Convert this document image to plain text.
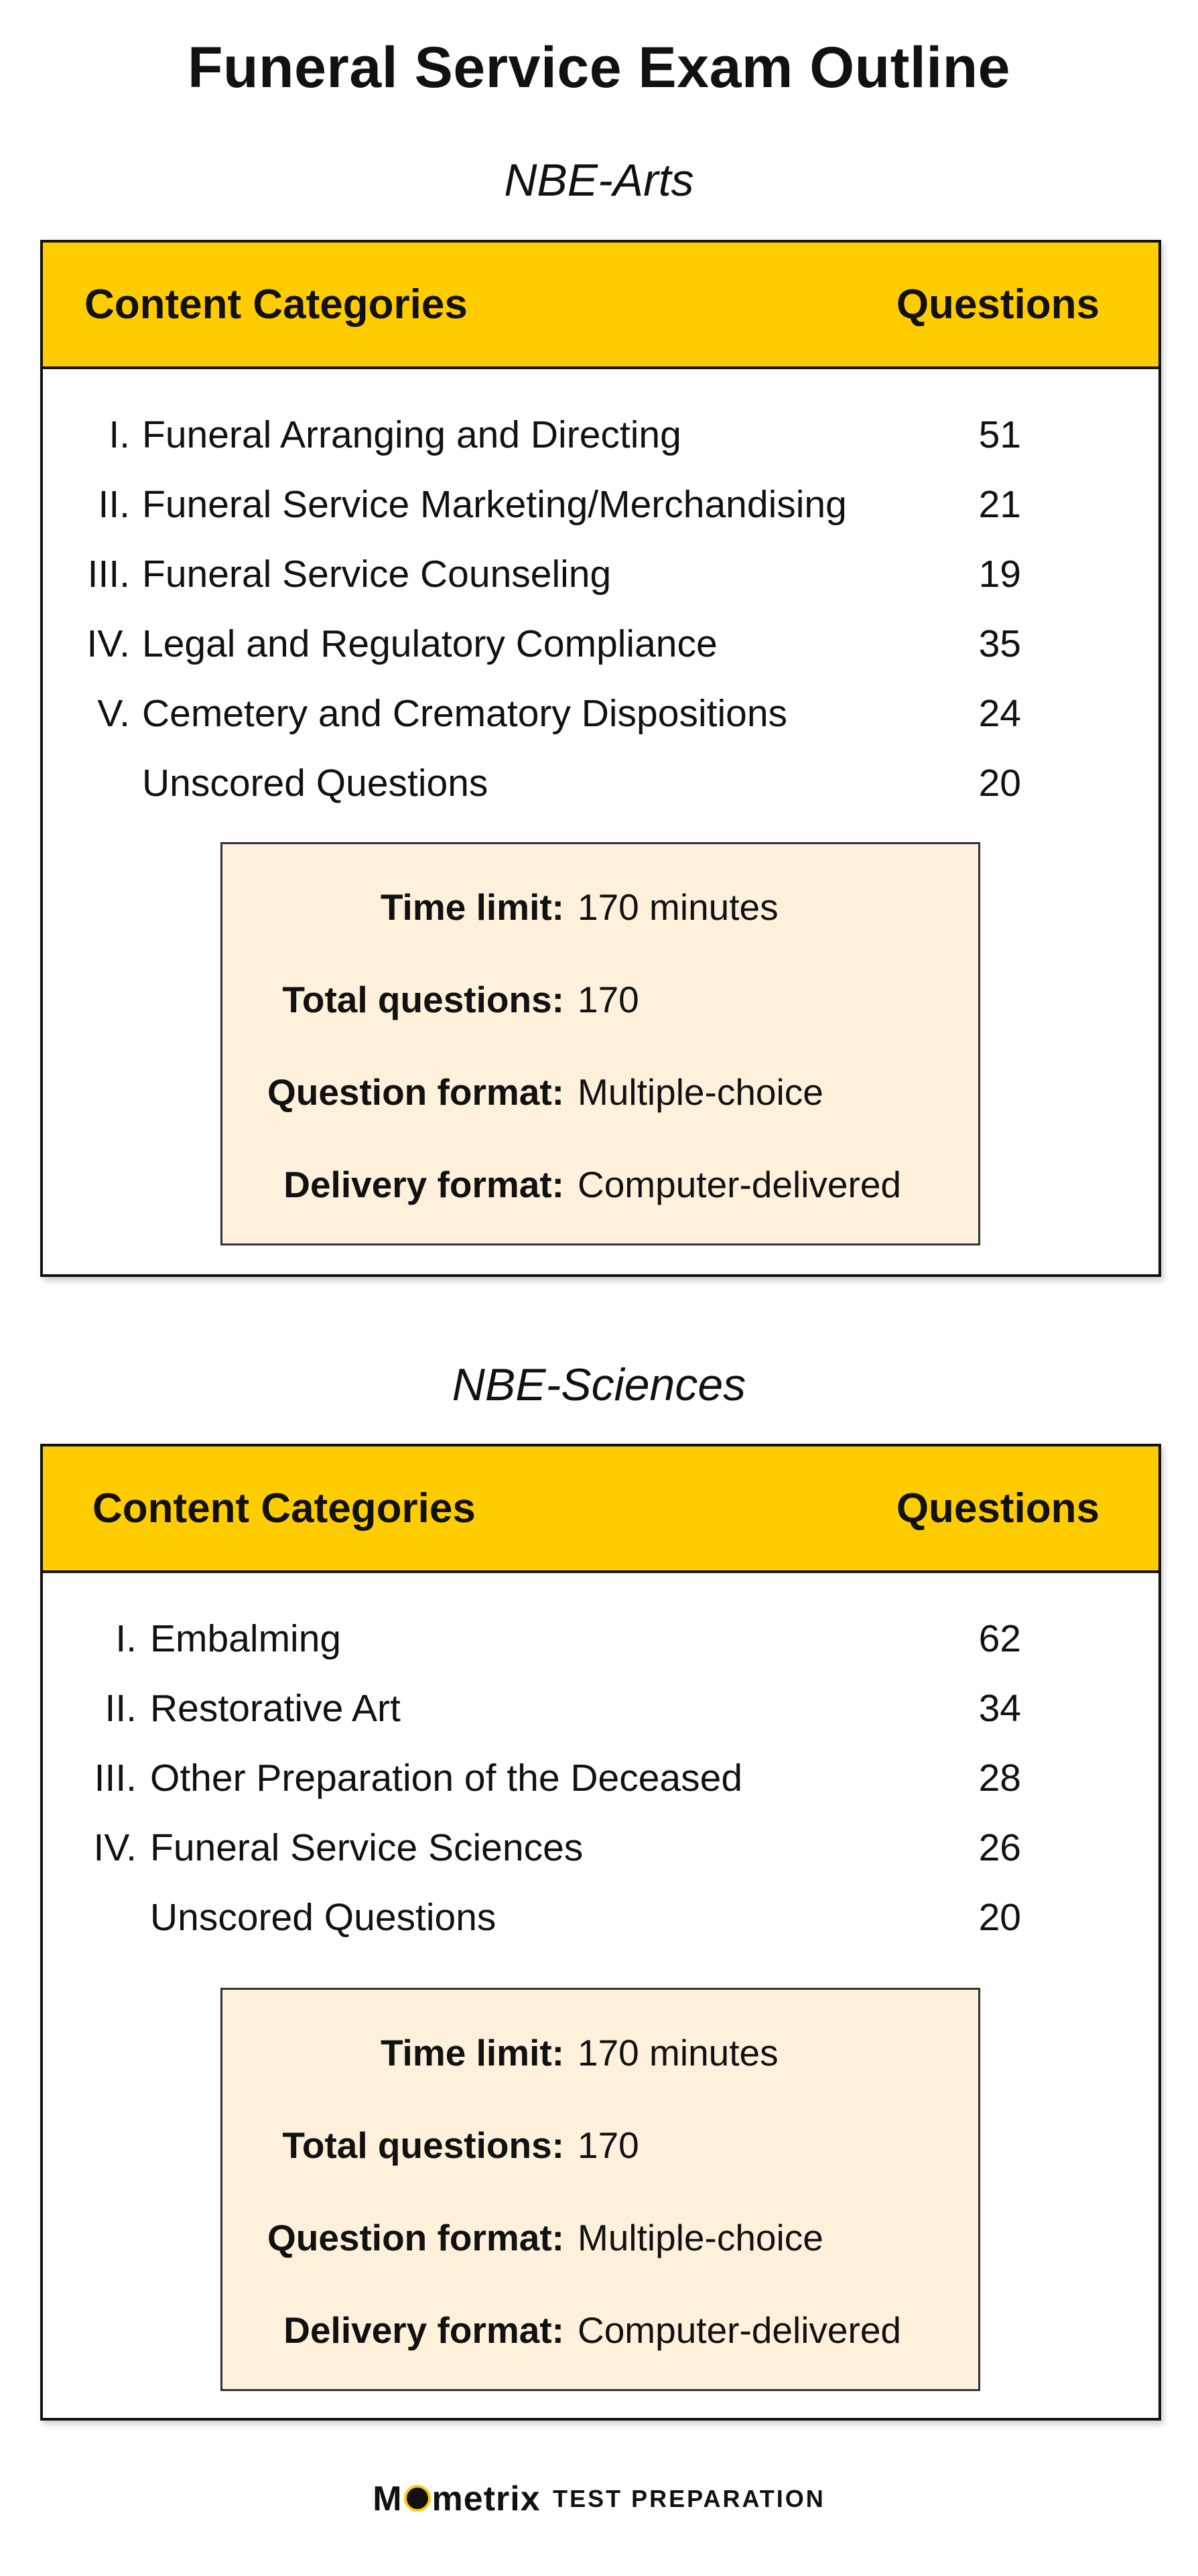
Funeral Service Exam Outline
NBE-Arts
Content Categories	Questions
I. Funeral Arranging and Directing	51
II. Funeral Service Marketing/Merchandising	21
III. Funeral Service Counseling	19
IV. Legal and Regulatory Compliance	35
V. Cemetery and Crematory Dispositions	24
Unscored Questions	20
Time limit: 170 minutes
Total questions: 170
Question format: Multiple-choice
Delivery format: Computer-delivered
NBE-Sciences
Content Categories	Questions
I. Embalming	62
II. Restorative Art	34
III. Other Preparation of the Deceased	28
IV. Funeral Service Sciences	26
Unscored Questions	20
Time limit: 170 minutes
Total questions: 170
Question format: Multiple-choice
Delivery format: Computer-delivered
M metrix TEST PREPARATION
